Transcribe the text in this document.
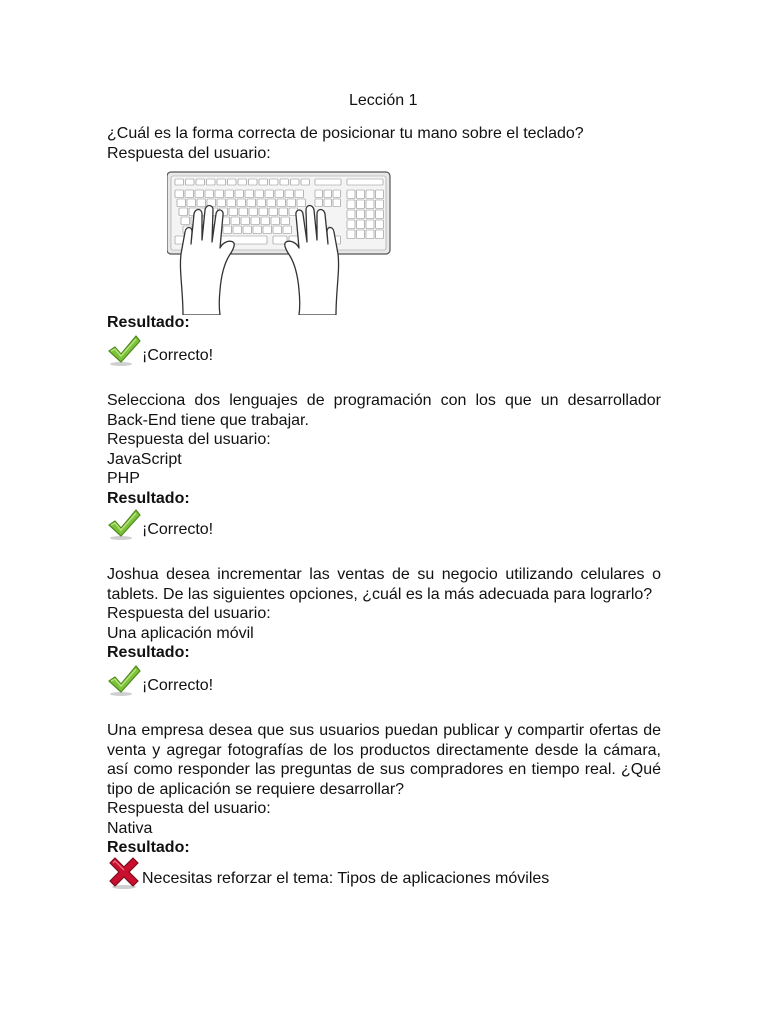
Lección 1
¿Cuál es la forma correcta de posicionar tu mano sobre el teclado?
Respuesta del usuario:
Resultado:
¡Correcto!
Selecciona dos lenguajes de programación con los que un desarrollador Back-End tiene que trabajar.
Respuesta del usuario:
JavaScript
PHP
Resultado:
¡Correcto!
Joshua desea incrementar las ventas de su negocio utilizando celulares o tablets. De las siguientes opciones, ¿cuál es la más adecuada para lograrlo?
Respuesta del usuario:
Una aplicación móvil
Resultado:
¡Correcto!
Una empresa desea que sus usuarios puedan publicar y compartir ofertas de venta y agregar fotografías de los productos directamente desde la cámara, así como responder las preguntas de sus compradores en tiempo real. ¿Qué tipo de aplicación se requiere desarrollar?
Respuesta del usuario:
Nativa
Resultado:
Necesitas reforzar el tema: Tipos de aplicaciones móviles
